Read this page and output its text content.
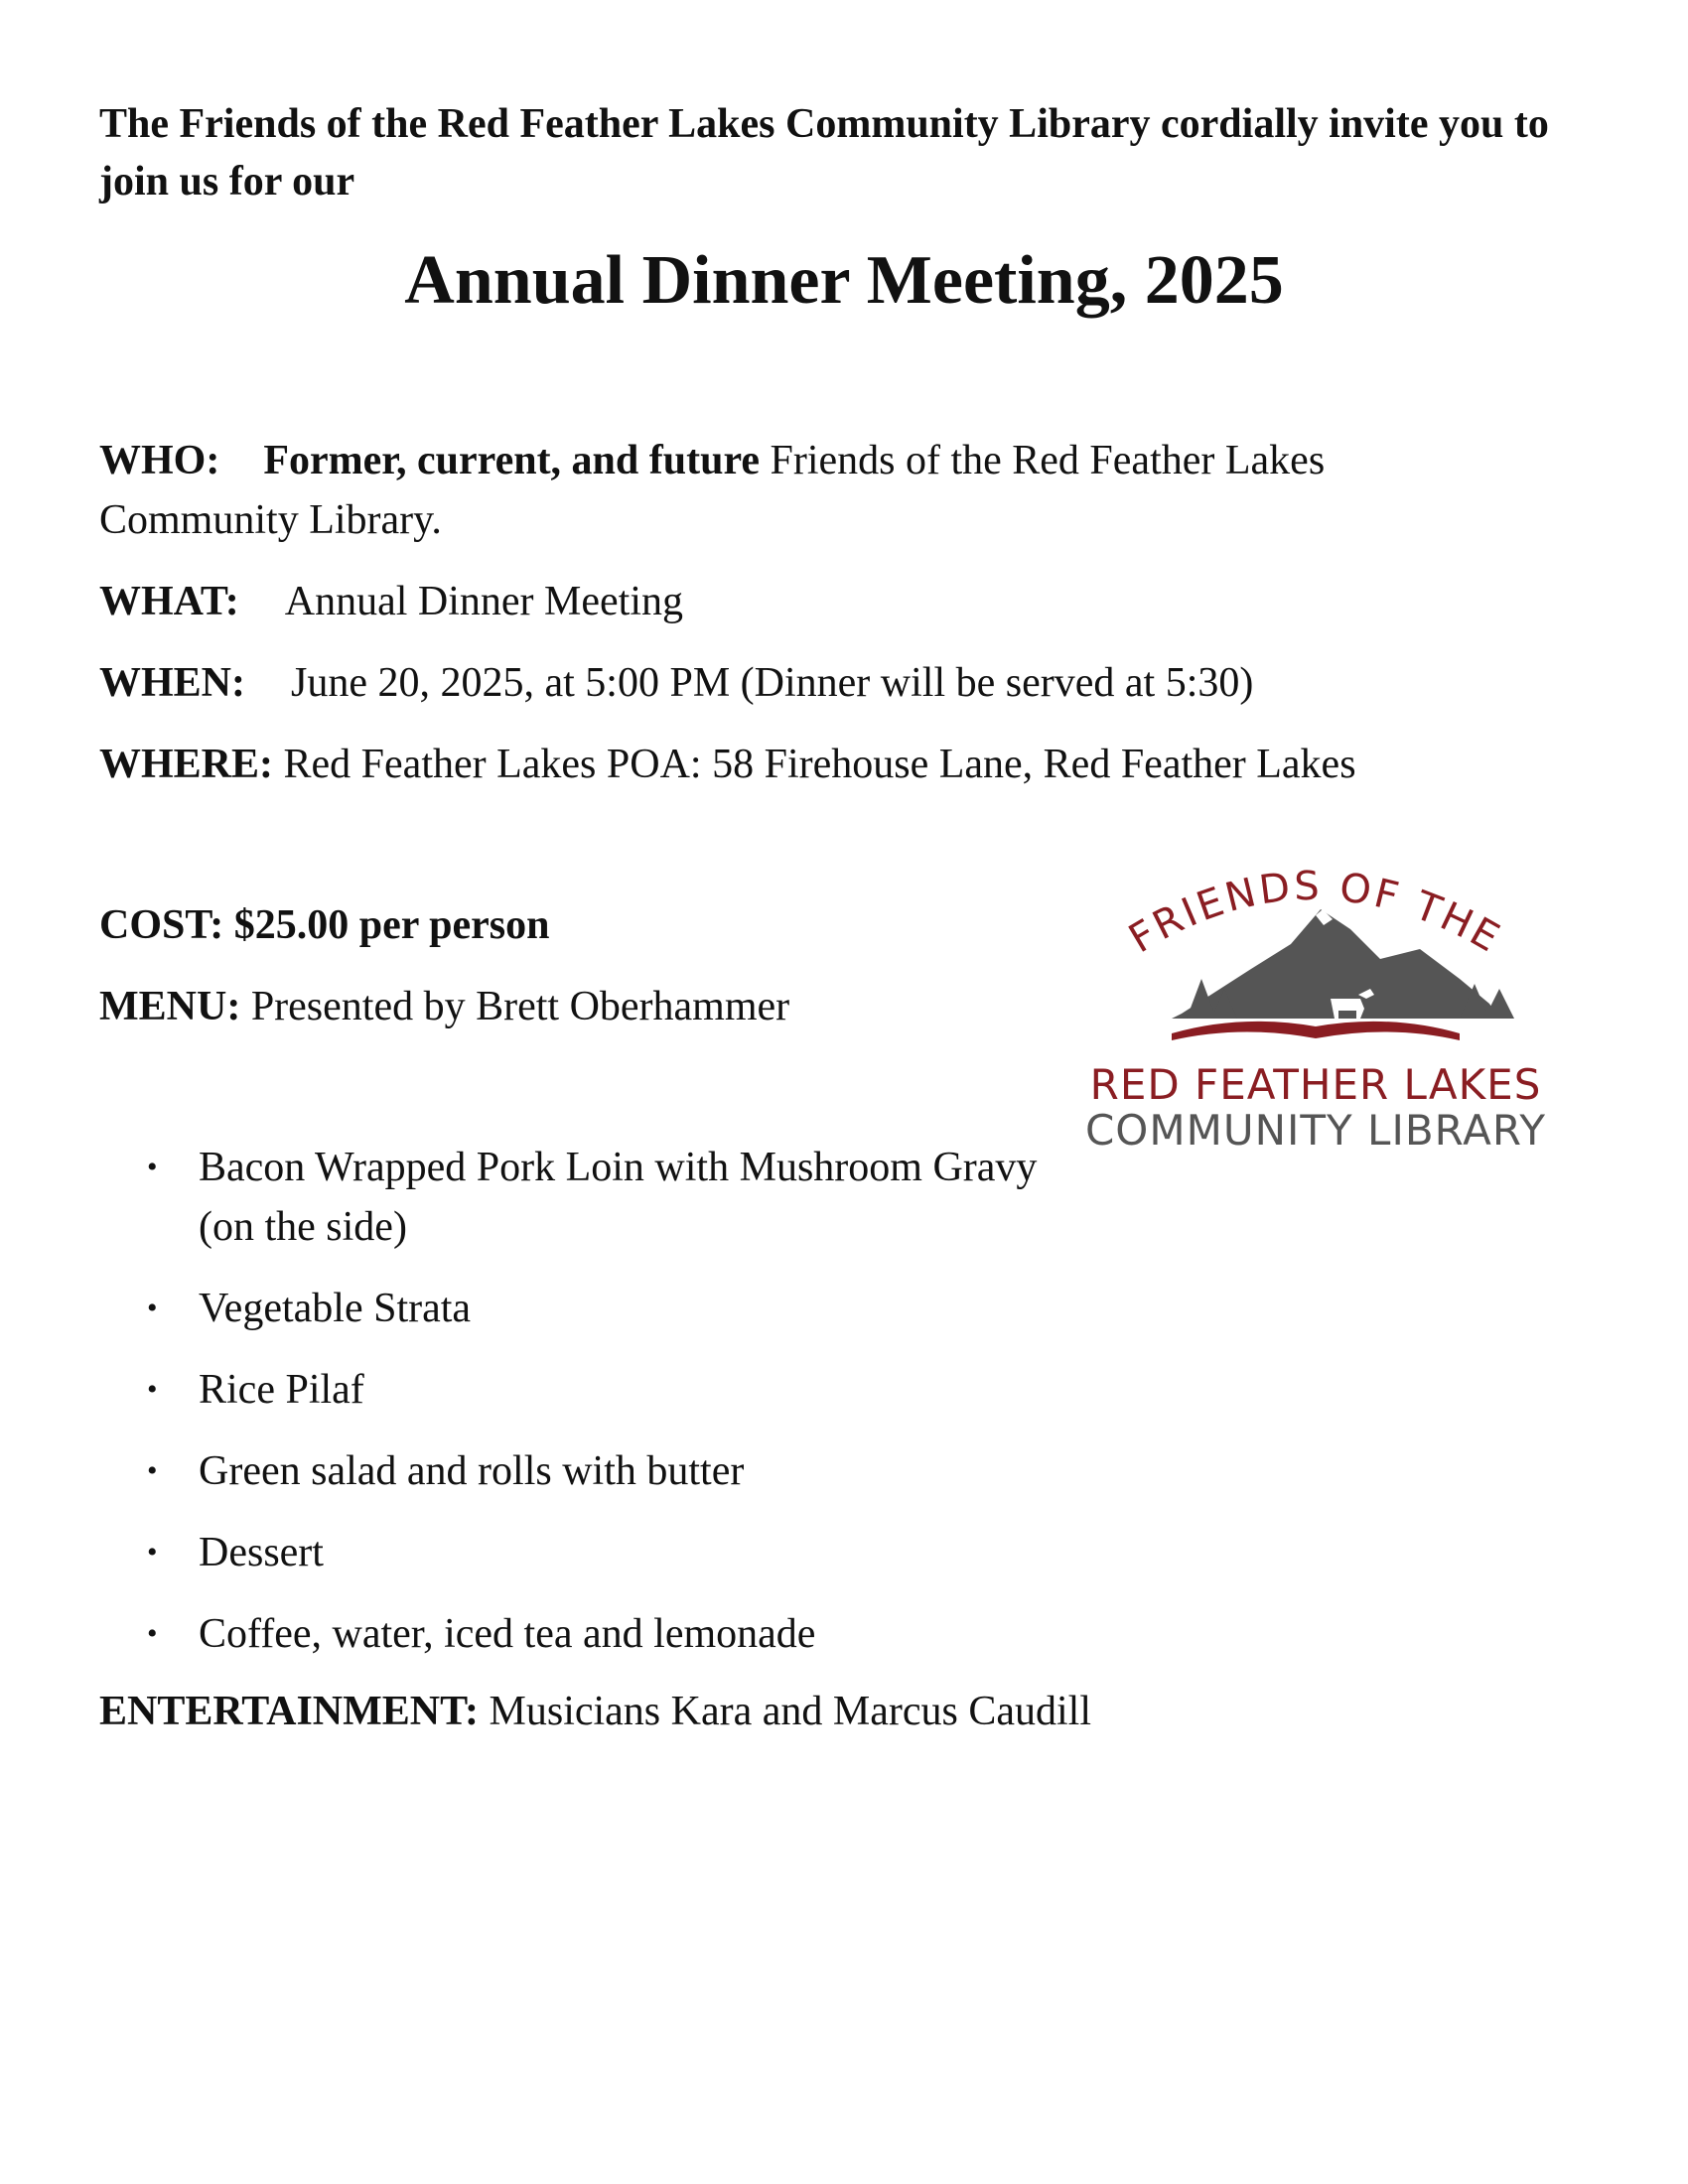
The Friends of the Red Feather Lakes Community Library cordially invite you to join us for our
Annual Dinner Meeting, 2025
WHO: Former, current, and future Friends of the Red Feather Lakes Community Library.
WHAT: Annual Dinner Meeting
WHEN: June 20, 2025, at 5:00 PM (Dinner will be served at 5:30)
WHERE: Red Feather Lakes POA: 58 Firehouse Lane, Red Feather Lakes
COST: $25.00 per person
MENU: Presented by Brett Oberhammer
• Bacon Wrapped Pork Loin with Mushroom Gravy (on the side)
• Vegetable Strata
• Rice Pilaf
• Green salad and rolls with butter
• Dessert
• Coffee, water, iced tea and lemonade
ENTERTAINMENT: Musicians Kara and Marcus Caudill
FRIENDS OF THE
RED FEATHER LAKES
COMMUNITY LIBRARY
